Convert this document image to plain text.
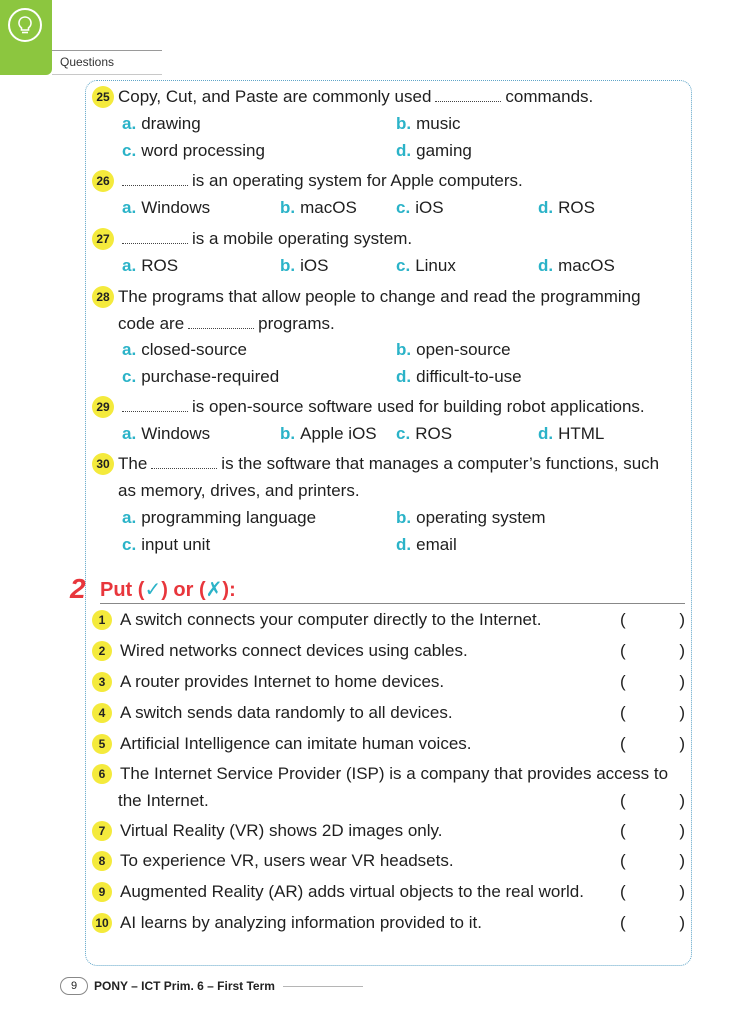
Questions
25 Copy, Cut, and Paste are commonly used	commands.
a. drawing	b. music
c. word processing	d. gaming
26	is an operating system for Apple computers.
a. Windows	b. macOS c. iOS	d. ROS
27	is a mobile operating system.
a. ROS	b. iOS	c. Linux	d. macOS
28 The programs that allow people to change and read the programming
code are	programs.
a. closed-source	b. open-source
c. purchase-required	d. difficult-to-use
29	is open-source software used for building robot applications.
a. Windows	b. Apple iOS c. ROS	d. HTML
30 The	is the software that manages a computer’s functions, such
as memory, drives, and printers.
a. programming language	b. operating system
c. input unit	d. email
2 Put (✓) or (✗):
1 A switch connects your computer directly to the Internet.	(	)
2 Wired networks connect devices using cables.	(	)
3 A router provides Internet to home devices.	(	)
4 A switch sends data randomly to all devices.	(	)
5 Artificial Intelligence can imitate human voices.	(	)
6 The Internet Service Provider (ISP) is a company that provides access to
the Internet.	(	)
7 Virtual Reality (VR) shows 2D images only.	(	)
8 To experience VR, users wear VR headsets.	(	)
9 Augmented Reality (AR) adds virtual objects to the real world. (	)
10 AI learns by analyzing information provided to it.	(	)
9	PONY – ICT Prim. 6 – First Term
